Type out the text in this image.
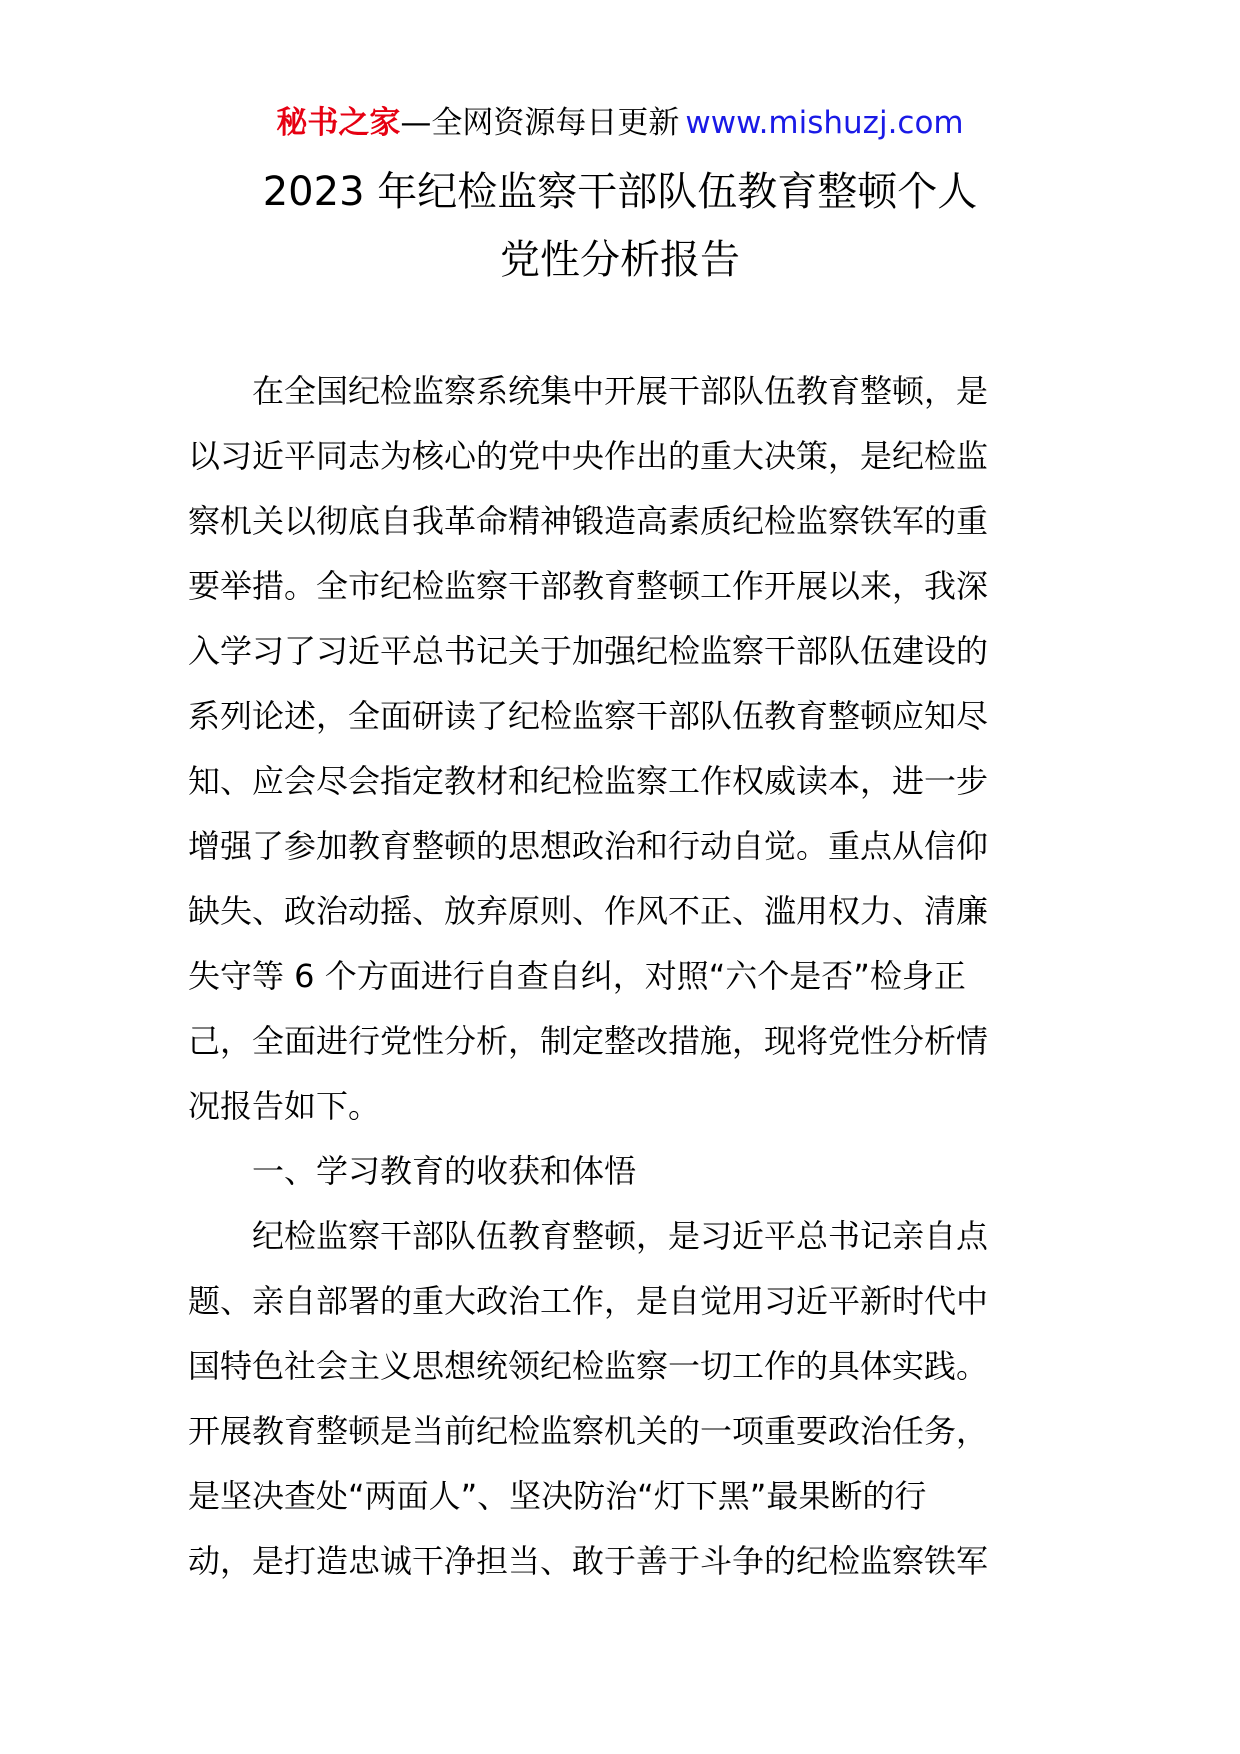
秘书之家—全网资源每日更新 www.mishuzj.com
2023 年纪检监察干部队伍教育整顿个人
党性分析报告
在全国纪检监察系统集中开展干部队伍教育整顿，是
以习近平同志为核心的党中央作出的重大决策，是纪检监
察机关以彻底自我革命精神锻造高素质纪检监察铁军的重
要举措。全市纪检监察干部教育整顿工作开展以来，我深
入学习了习近平总书记关于加强纪检监察干部队伍建设的
系列论述，全面研读了纪检监察干部队伍教育整顿应知尽
知、应会尽会指定教材和纪检监察工作权威读本，进一步
增强了参加教育整顿的思想政治和行动自觉。重点从信仰
缺失、政治动摇、放弃原则、作风不正、滥用权力、清廉
失守等 6 个方面进行自查自纠，对照“六个是否”检身正
己，全面进行党性分析，制定整改措施，现将党性分析情
况报告如下。
一、学习教育的收获和体悟
纪检监察干部队伍教育整顿，是习近平总书记亲自点
题、亲自部署的重大政治工作，是自觉用习近平新时代中
国特色社会主义思想统领纪检监察一切工作的具体实践。
开展教育整顿是当前纪检监察机关的一项重要政治任务，
是坚决查处“两面人”、坚决防治“灯下黑”最果断的行
动，是打造忠诚干净担当、敢于善于斗争的纪检监察铁军
